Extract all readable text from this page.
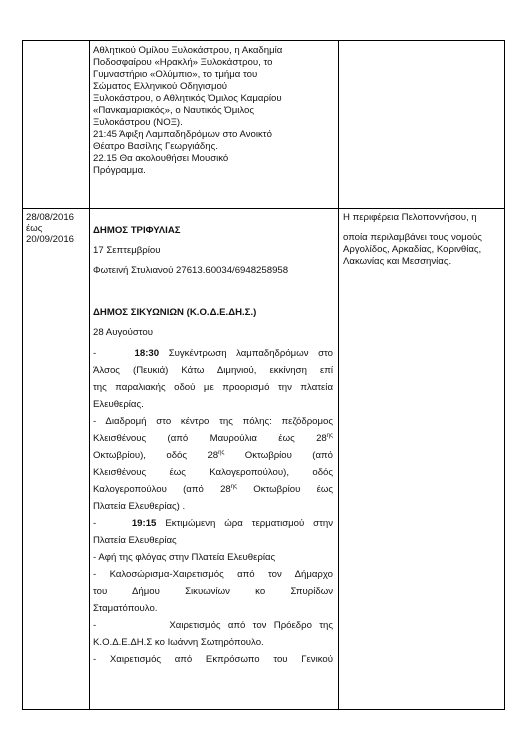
Αθλητικού Ομίλου Ξυλοκάστρου, η Ακαδημία
Ποδοσφαίρου «Ηρακλή» Ξυλοκάστρου, το
Γυμναστήριο «Ολύμπιο», το τμήμα του
Σώματος Ελληνικού Οδηγισμού
Ξυλοκάστρου, ο Αθλητικός Όμιλος Καμαρίου
«Πανκαμαριακός», ο Ναυτικός Όμιλος
Ξυλοκάστρου (ΝΟΞ).
21:45 Άφιξη Λαμπαδηδρόμων στο Ανοικτό
Θέατρο Βασίλης Γεωργιάδης.
22.15 Θα ακολουθήσει Μουσικό
Πρόγραμμα.
28/08/2016
έως
20/09/2016
ΔΗΜΟΣ ΤΡΙΦΥΛΙΑΣ
17 Σεπτεμβρίου
Φωτεινή Στυλιανού 27613.60034/6948258958
ΔΗΜΟΣ ΣΙΚΥΩΝΙΩΝ (Κ.Ο.Δ.Ε.ΔΗ.Σ.)
28 Αυγούστου
-	18:30 Συγκέντρωση λαμπαδηδρόμων στο
Άλσος (Πευκιά) Κάτω Διμηνιού, εκκίνηση επί
της παραλιακής οδού με προορισμό την πλατεία
Ελευθερίας.
- Διαδρομή στο κέντρο της πόλης: πεζόδρομος
Κλεισθένους (από Μαυρούλια έως $28^{\eta\varsigma}$
Οκτωβρίου), οδός $28^{\eta\varsigma}$ Οκτωβρίου (από
Κλεισθένους έως Καλογεροπούλου), οδός
Καλογεροπούλου (από $28^{\eta\varsigma}$ Οκτωβρίου έως
Πλατεία Ελευθερίας) .
-	19:15 Εκτιμώμενη ώρα τερματισμού στην
Πλατεία Ελευθερίας
- Αφή της φλόγας στην Πλατεία Ελευθερίας
- Καλοσώρισμα-Χαιρετισμός από τον Δήμαρχο
του Δήμου Σικυωνίων κο Σπυρίδων
Σταματόπουλο.
-          Χαιρετισμός από τον Πρόεδρο της
Κ.Ο.Δ.Ε.ΔΗ.Σ κο Ιωάννη Σωτηρόπουλο.
- Χαιρετισμός από Εκπρόσωπο του Γενικού
Η περιφέρεια Πελοποννήσου, η
οποία περιλαμβάνει τους νομούς
Αργολίδος, Αρκαδίας, Κορινθίας,
Λακωνίας και Μεσσηνίας.
